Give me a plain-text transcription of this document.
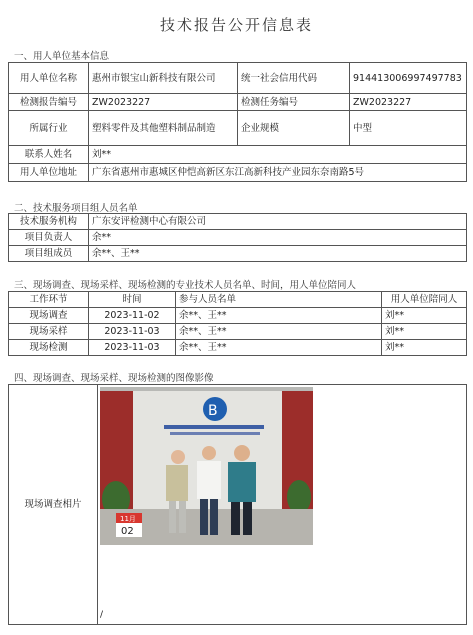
技术报告公开信息表
一、用人单位基本信息
用人单位名称	惠州市银宝山新科技有限公司	统一社会信用代码	914413006997497783
检测报告编号	ZW2023227	检测任务编号	ZW2023227
所属行业	塑料零件及其他塑料制品制造	企业规模	中型
联系人姓名	刘**		
用人单位地址	广东省惠州市惠城区仲恺高新区东江高新科技产业园东奈南路5号		
二、技术服务项目组人员名单
技术服务机构	广东安评检测中心有限公司
项目负责人	余**
项目组成员	余**、王**
三、现场调查、现场采样、现场检测的专业技术人员名单、时间，用人单位陪同人
工作环节	时间	参与人员名单	用人单位陪同人
现场调查	2023-11-02	余**、王**	刘**
现场采样	2023-11-03	余**、王**	刘**
现场检测	2023-11-03	余**、王**	刘**
四、现场调查、现场采样、现场检测的图像影像
现场调查相片	
B
11月
02
/
